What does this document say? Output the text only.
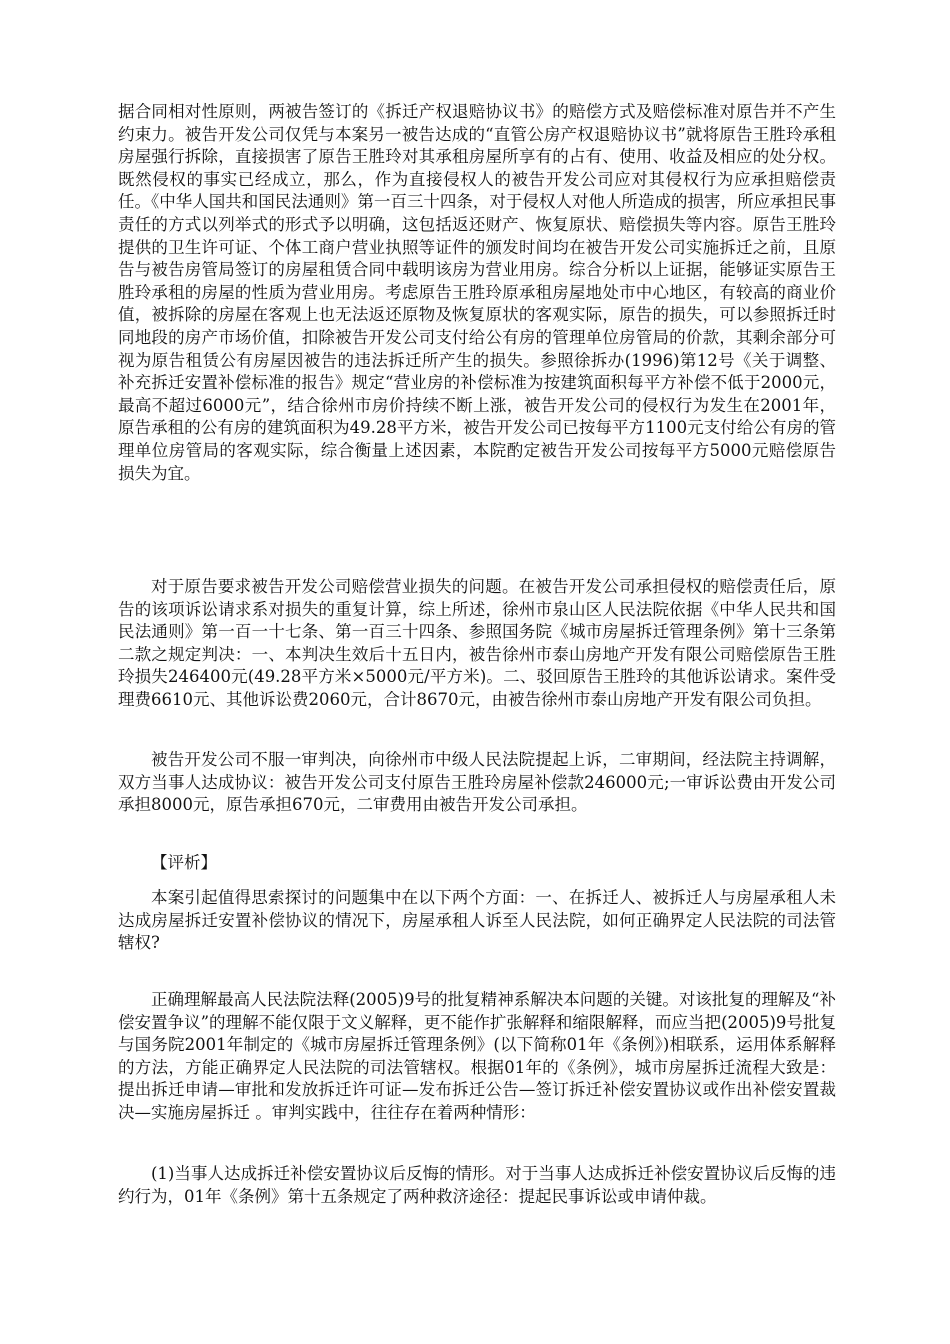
据合同相对性原则，两被告签订的《拆迁产权退赔协议书》的赔偿方式及赔偿标准对原告并不产生约束力。被告开发公司仅凭与本案另一被告达成的“直管公房产权退赔协议书”就将原告王胜玲承租房屋强行拆除，直接损害了原告王胜玲对其承租房屋所享有的占有、使用、收益及相应的处分权。既然侵权的事实已经成立，那么，作为直接侵权人的被告开发公司应对其侵权行为应承担赔偿责任。《中华人国共和国民法通则》第一百三十四条，对于侵权人对他人所造成的损害，所应承担民事责任的方式以列举式的形式予以明确，这包括返还财产、恢复原状、赔偿损失等内容。原告王胜玲提供的卫生许可证、个体工商户营业执照等证件的颁发时间均在被告开发公司实施拆迁之前，且原告与被告房管局签订的房屋租赁合同中载明该房为营业用房。综合分析以上证据，能够证实原告王胜玲承租的房屋的性质为营业用房。考虑原告王胜玲原承租房屋地处市中心地区，有较高的商业价值，被拆除的房屋在客观上也无法返还原物及恢复原状的客观实际，原告的损失，可以参照拆迁时同地段的房产市场价值，扣除被告开发公司支付给公有房的管理单位房管局的价款，其剩余部分可视为原告租赁公有房屋因被告的违法拆迁所产生的损失。参照徐拆办(1996)第12号《关于调整、补充拆迁安置补偿标准的报告》规定“营业房的补偿标准为按建筑面积每平方补偿不低于2000元，最高不超过6000元”，结合徐州市房价持续不断上涨，被告开发公司的侵权行为发生在2001年，原告承租的公有房的建筑面积为49.28平方米，被告开发公司已按每平方1100元支付给公有房的管理单位房管局的客观实际，综合衡量上述因素，本院酌定被告开发公司按每平方5000元赔偿原告损失为宜。

对于原告要求被告开发公司赔偿营业损失的问题。在被告开发公司承担侵权的赔偿责任后，原告的该项诉讼请求系对损失的重复计算，综上所述，徐州市泉山区人民法院依据《中华人民共和国民法通则》第一百一十七条、第一百三十四条、参照国务院《城市房屋拆迁管理条例》第十三条第二款之规定判决：一、本判决生效后十五日内，被告徐州市泰山房地产开发有限公司赔偿原告王胜玲损失246400元(49.28平方米×5000元/平方米)。二、驳回原告王胜玲的其他诉讼请求。案件受理费6610元、其他诉讼费2060元，合计8670元，由被告徐州市泰山房地产开发有限公司负担。

被告开发公司不服一审判决，向徐州市中级人民法院提起上诉，二审期间，经法院主持调解，双方当事人达成协议：被告开发公司支付原告王胜玲房屋补偿款246000元;一审诉讼费由开发公司承担8000元，原告承担670元，二审费用由被告开发公司承担。

【评析】

本案引起值得思索探讨的问题集中在以下两个方面：一、在拆迁人、被拆迁人与房屋承租人未达成房屋拆迁安置补偿协议的情况下，房屋承租人诉至人民法院，如何正确界定人民法院的司法管辖权?

正确理解最高人民法院法释(2005)9号的批复精神系解决本问题的关键。对该批复的理解及“补偿安置争议”的理解不能仅限于文义解释，更不能作扩张解释和缩限解释，而应当把(2005)9号批复与国务院2001年制定的《城市房屋拆迁管理条例》(以下简称01年《条例》)相联系，运用体系解释的方法，方能正确界定人民法院的司法管辖权。根据01年的《条例》，城市房屋拆迁流程大致是：提出拆迁申请—审批和发放拆迁许可证—发布拆迁公告—签订拆迁补偿安置协议或作出补偿安置裁决—实施房屋拆迁 。审判实践中，往往存在着两种情形：

(1)当事人达成拆迁补偿安置协议后反悔的情形。对于当事人达成拆迁补偿安置协议后反悔的违约行为，01年《条例》第十五条规定了两种救济途径：提起民事诉讼或申请仲裁。
